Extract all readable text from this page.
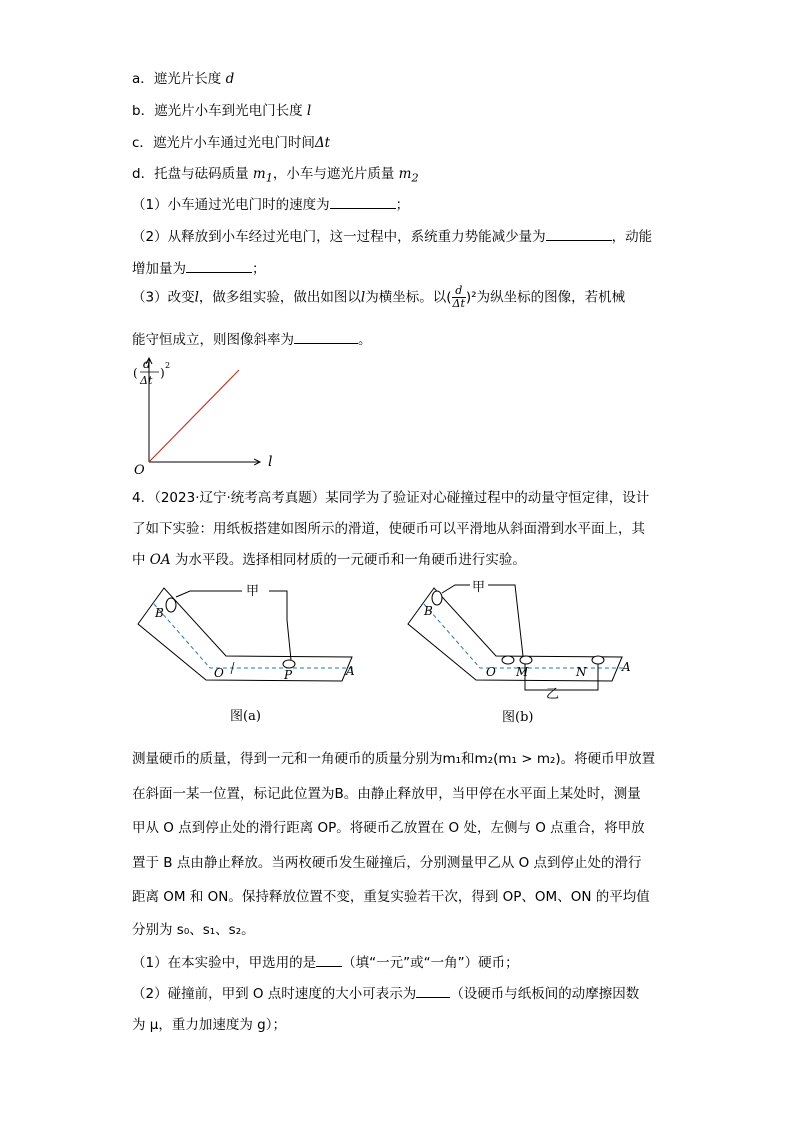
a．遮光片长度 d
b．遮光片小车到光电门长度 l
c．遮光片小车通过光电门时间Δt
d．托盘与砝码质量 $m_1$，小车与遮光片质量 $m_2$
（1）小车通过光电门时的速度为	；
（2）从释放到小车经过光电门，这一过程中，系统重力势能减少量为	，动能
增加量为	；
（3）改变l，做多组实验，做出如图以l为横坐标。以( $\frac{d}{\Delta t} )^2$为纵坐标的图像，若机械
能守恒成立，则图像斜率为	。
(
d
Δt
)
2
l
O
4．（2023·辽宁·统考高考真题）某同学为了验证对心碰撞过程中的动量守恒定律，设计
了如下实验：用纸板搭建如图所示的滑道，使硬币可以平滑地从斜面滑到水平面上，其
中 OA 为水平段。选择相同材质的一元硬币和一角硬币进行实验。
甲
B
O	P	A
图(a)
甲
乙
B
O M	N	A
图(b)
测量硬币的质量，得到一元和一角硬币的质量分别为m₁和m₂(m₁ > m₂)。将硬币甲放置
在斜面一某一位置，标记此位置为B。由静止释放甲，当甲停在水平面上某处时，测量
甲从 O 点到停止处的滑行距离 OP。将硬币乙放置在 O 处，左侧与 O 点重合，将甲放
置于 B 点由静止释放。当两枚硬币发生碰撞后，分别测量甲乙从 O 点到停止处的滑行
距离 OM 和 ON。保持释放位置不变，重复实验若干次，得到 OP、OM、ON 的平均值
分别为 s₀、s₁、s₂。
（1）在本实验中，甲选用的是 （填“一元”或“一角”）硬币；
（2）碰撞前，甲到 O 点时速度的大小可表示为	（设硬币与纸板间的动摩擦因数
为 μ，重力加速度为 g）；
